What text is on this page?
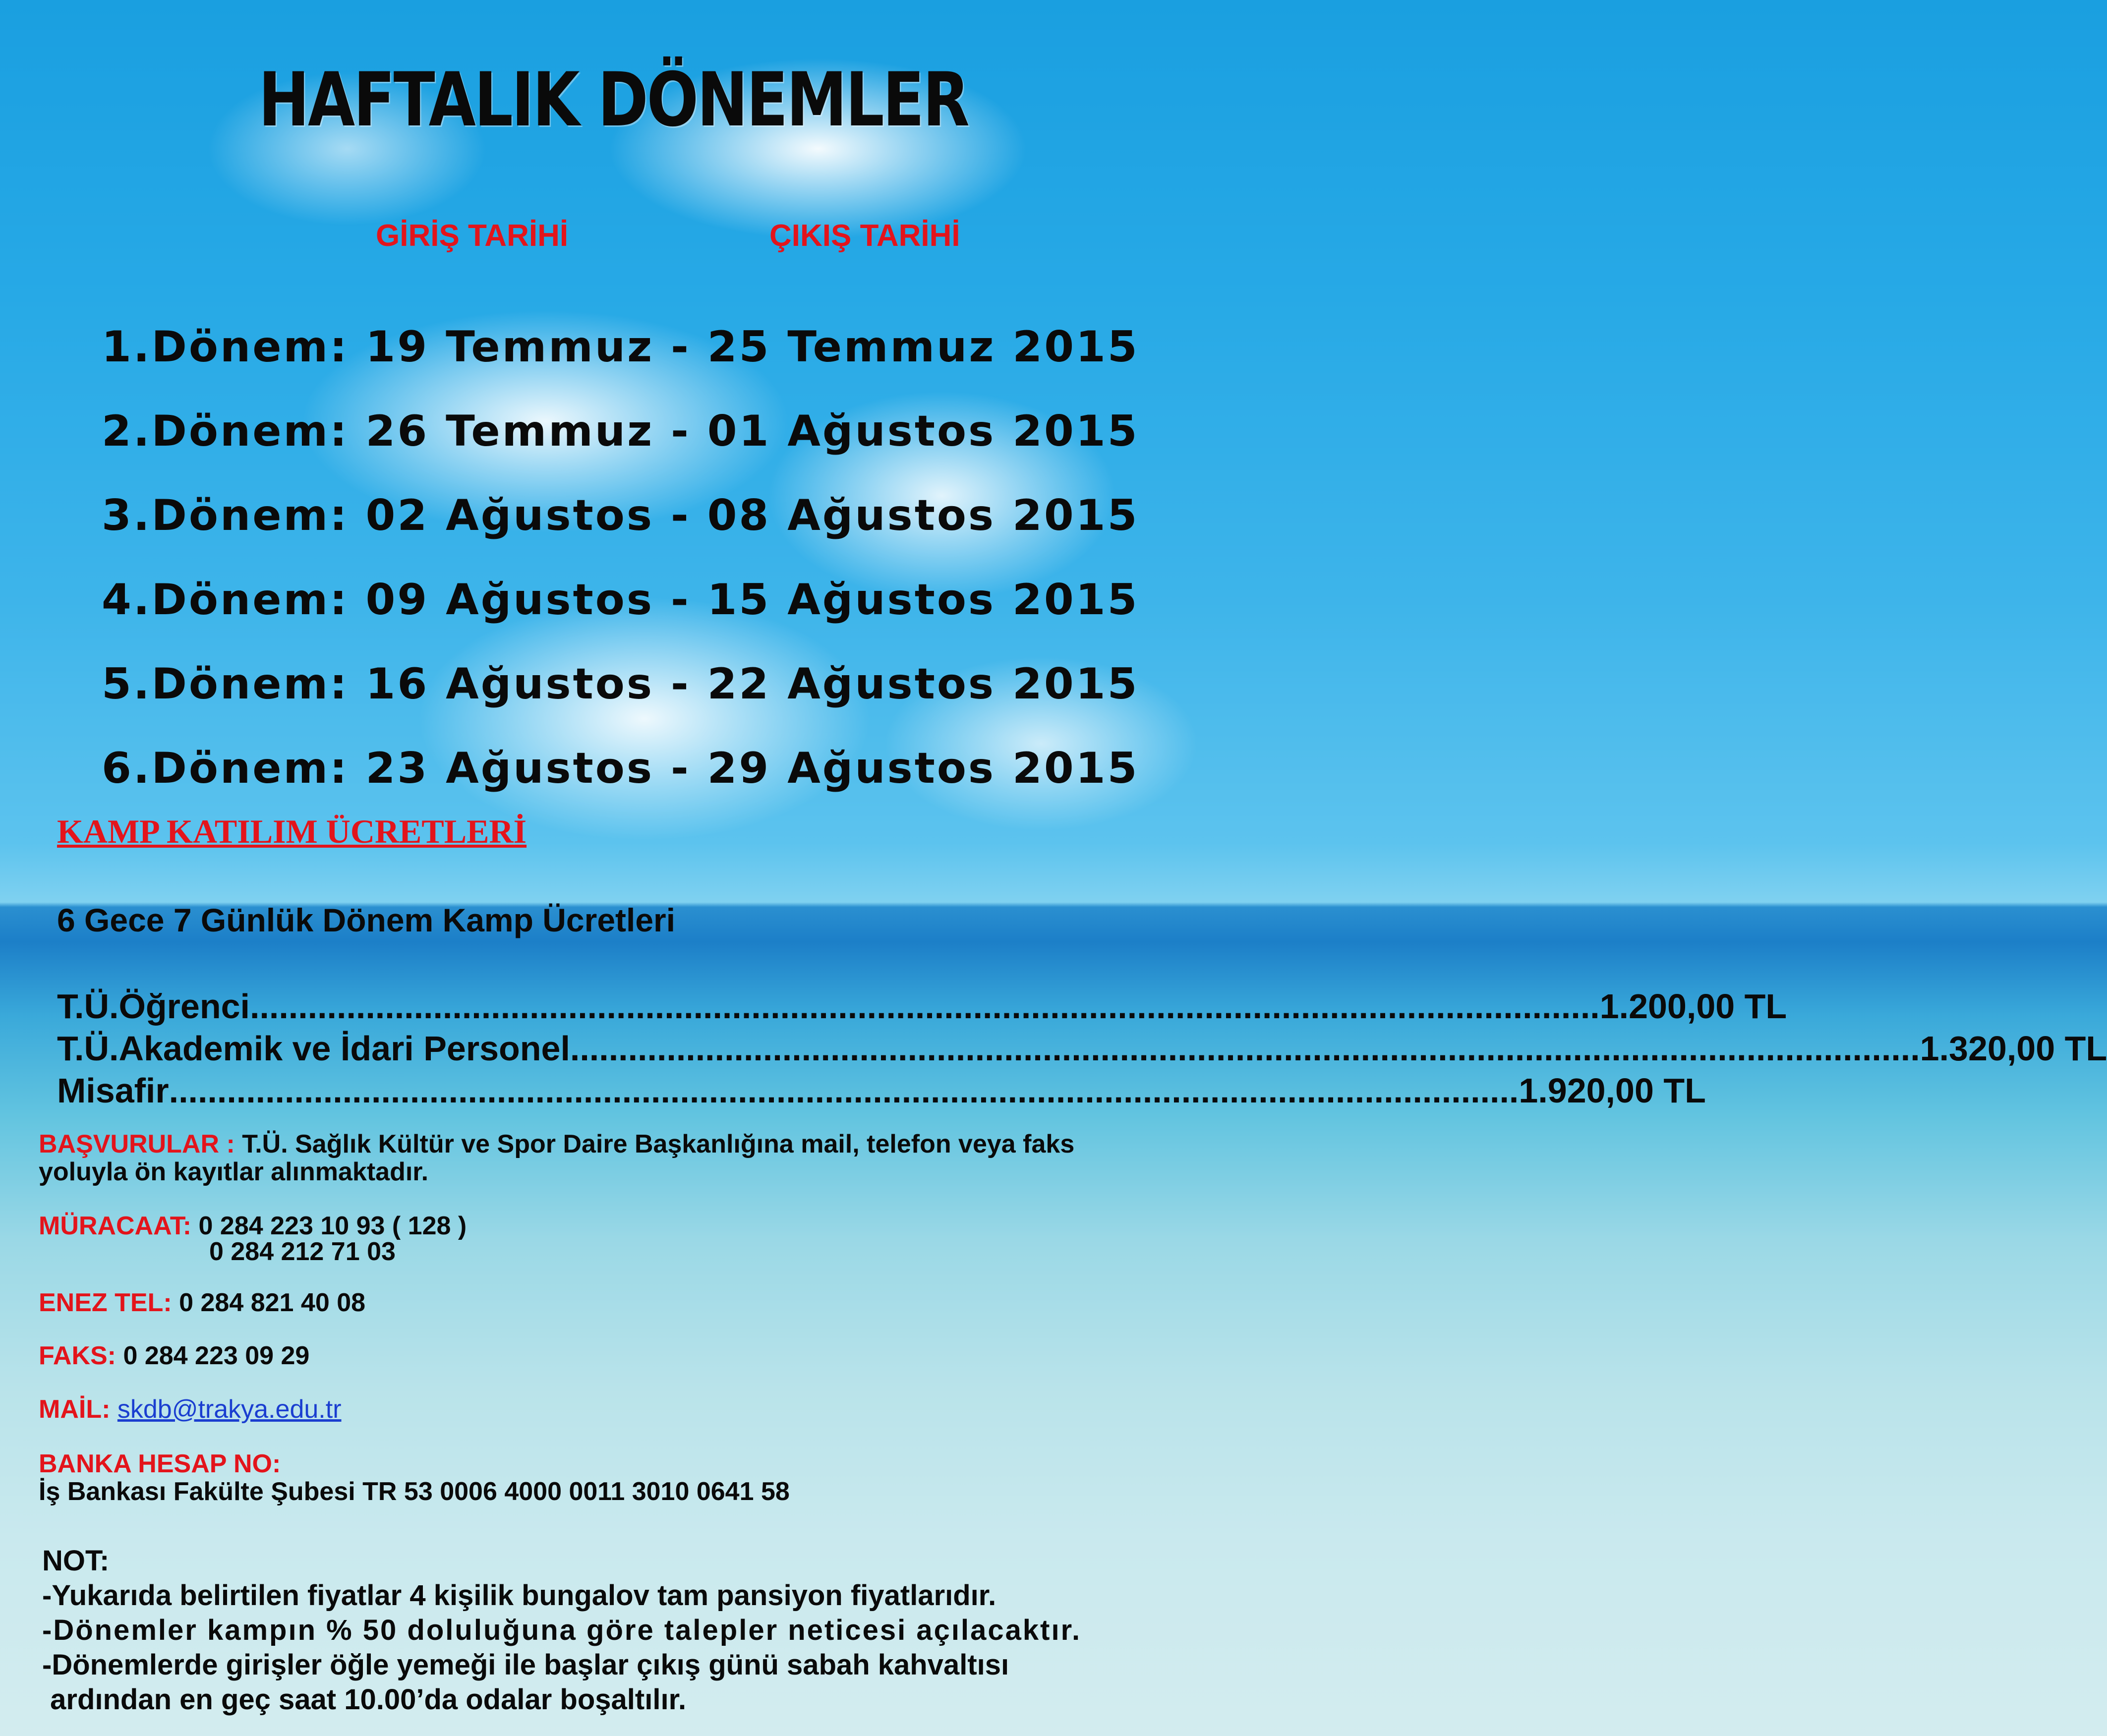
HAFTALIK DÖNEMLER
GİRİŞ TARİHİ	ÇIKIŞ TARİHİ
1.Dönem: 19 Temmuz - 25 Temmuz 2015
2.Dönem: 26 Temmuz - 01 Ağustos 2015
3.Dönem: 02 Ağustos - 08 Ağustos 2015
4.Dönem: 09 Ağustos - 15 Ağustos 2015
5.Dönem: 16 Ağustos - 22 Ağustos 2015
6.Dönem: 23 Ağustos - 29 Ağustos 2015
KAMP KATILIM ÜCRETLERİ
6 Gece 7 Günlük Dönem Kamp Ücretleri
T.Ü.Öğrenci ............................................................................................................................................ 1.200,00 TL
T.Ü.Akademik ve İdari Personel ............................................................................................................................................ 1.320,00 TL
Misafir ............................................................................................................................................ 1.920,00 TL
BAŞVURULAR : T.Ü. Sağlık Kültür ve Spor Daire Başkanlığına mail, telefon veya faks
yoluyla ön kayıtlar alınmaktadır.
MÜRACAAT: 0 284 223 10 93 ( 128 )
0 284 212 71 03
ENEZ TEL: 0 284 821 40 08
FAKS: 0 284 223 09 29
MAİL: skdb@trakya.edu.tr
BANKA HESAP NO:
İş Bankası Fakülte Şubesi TR 53 0006 4000 0011 3010 0641 58
NOT:
-Yukarıda belirtilen fiyatlar 4 kişilik bungalov tam pansiyon fiyatlarıdır.
-Dönemler kampın % 50 doluluğuna göre talepler neticesi açılacaktır.
-Dönemlerde girişler öğle yemeği ile başlar çıkış günü sabah kahvaltısı
ardından en geç saat 10.00’da odalar boşaltılır.
